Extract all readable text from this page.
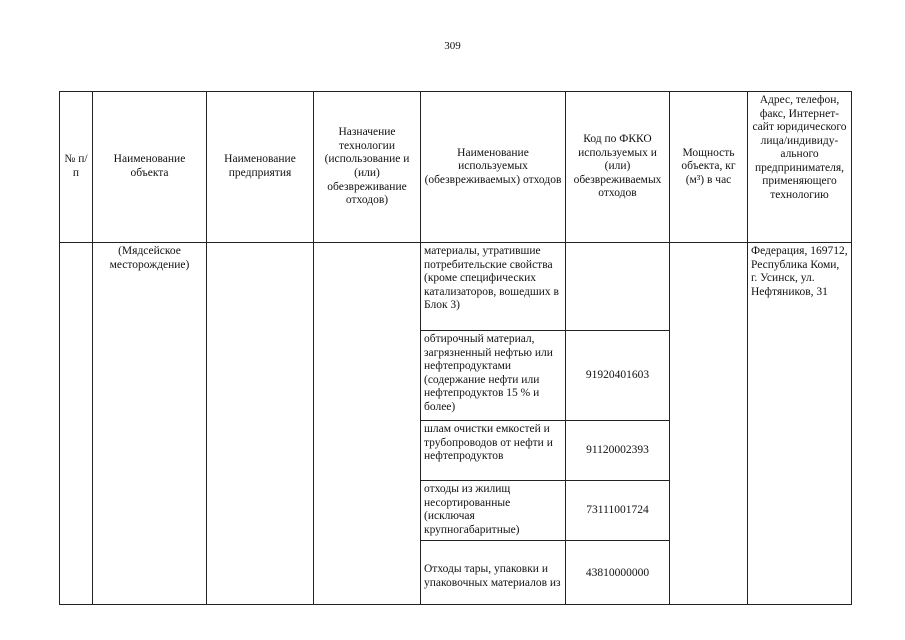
309
№ п/п	Наименование объекта	Наименование предприятия	Назначение технологии (использование и (или) обезвреживание отходов)	Наименование используемых (обезвреживаемых) отходов	Код по ФККО используемых и (или) обезвреживаемых отходов	Мощность объекта, кг (м³) в час	Адрес, телефон, факс, Интернет-сайт юридического лица/индивиду-ального предпринимателя, применяющего технологию
	(Мядсейское месторождение)			материалы, утратившие потребительские свойства (кроме специфических катализаторов, вошедших в Блок 3)			Федерация, 169712, Республика Коми, г. Усинск, ул. Нефтяников, 31
				обтирочный материал, загрязненный нефтью или нефтепродуктами (содержание нефти или нефтепродуктов 15 % и более)	91920401603		
				шлам очистки емкостей и трубопроводов от нефти и нефтепродуктов	91120002393		
				отходы из жилищ несортированные (исключая крупногабаритные)	73111001724		
				Отходы тары, упаковки и упаковочных материалов из	43810000000		
